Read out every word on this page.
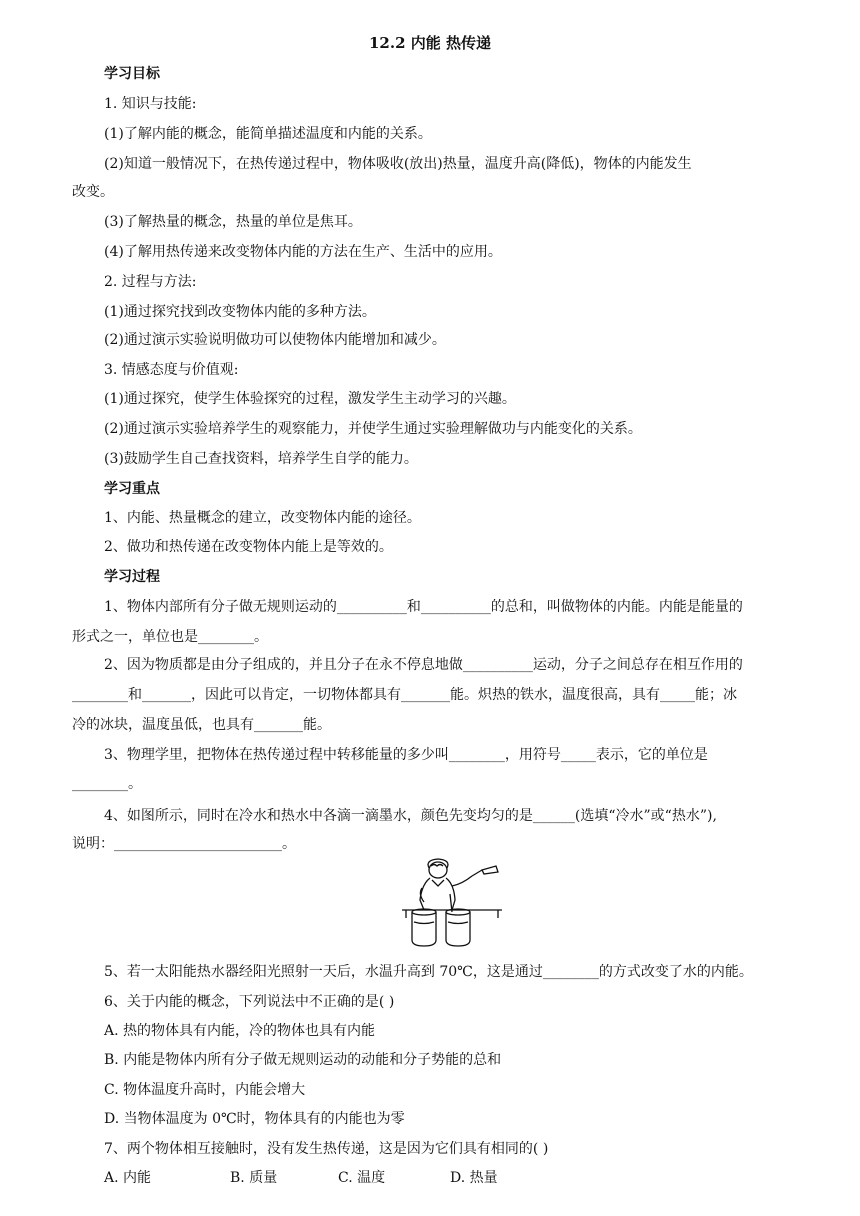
12.2 内能 热传递
学习目标
1. 知识与技能:
(1)了解内能的概念，能简单描述温度和内能的关系。
(2)知道一般情况下，在热传递过程中，物体吸收(放出)热量，温度升高(降低)，物体的内能发生
改变。
(3)了解热量的概念，热量的单位是焦耳。
(4)了解用热传递来改变物体内能的方法在生产、生活中的应用。
2. 过程与方法:
(1)通过探究找到改变物体内能的多种方法。
(2)通过演示实验说明做功可以使物体内能增加和减少。
3. 情感态度与价值观:
(1)通过探究，使学生体验探究的过程，激发学生主动学习的兴趣。
(2)通过演示实验培养学生的观察能力，并使学生通过实验理解做功与内能变化的关系。
(3)鼓励学生自己查找资料，培养学生自学的能力。
学习重点
1、内能、热量概念的建立，改变物体内能的途径。
2、做功和热传递在改变物体内能上是等效的。
学习过程
1、物体内部所有分子做无规则运动的__________和__________的总和，叫做物体的内能。内能是能量的
形式之一，单位也是________。
2、因为物质都是由分子组成的，并且分子在永不停息地做__________运动，分子之间总存在相互作用的
________和_______，因此可以肯定，一切物体都具有_______能。炽热的铁水，温度很高，具有_____能；冰
冷的冰块，温度虽低，也具有_______能。
3、物理学里，把物体在热传递过程中转移能量的多少叫________，用符号_____表示，它的单位是
________。
4、如图所示，同时在冷水和热水中各滴一滴墨水，颜色先变均匀的是______(选填“冷水”或“热水”),
说明：________________________。
5、若一太阳能热水器经阳光照射一天后，水温升高到 70℃，这是通过________的方式改变了水的内能。
6、关于内能的概念，下列说法中不正确的是( )
A. 热的物体具有内能，冷的物体也具有内能
B. 内能是物体内所有分子做无规则运动的动能和分子势能的总和
C. 物体温度升高时，内能会增大
D. 当物体温度为 0℃时，物体具有的内能也为零
7、两个物体相互接触时，没有发生热传递，这是因为它们具有相同的( )
A. 内能	B. 质量	C. 温度	D. 热量
